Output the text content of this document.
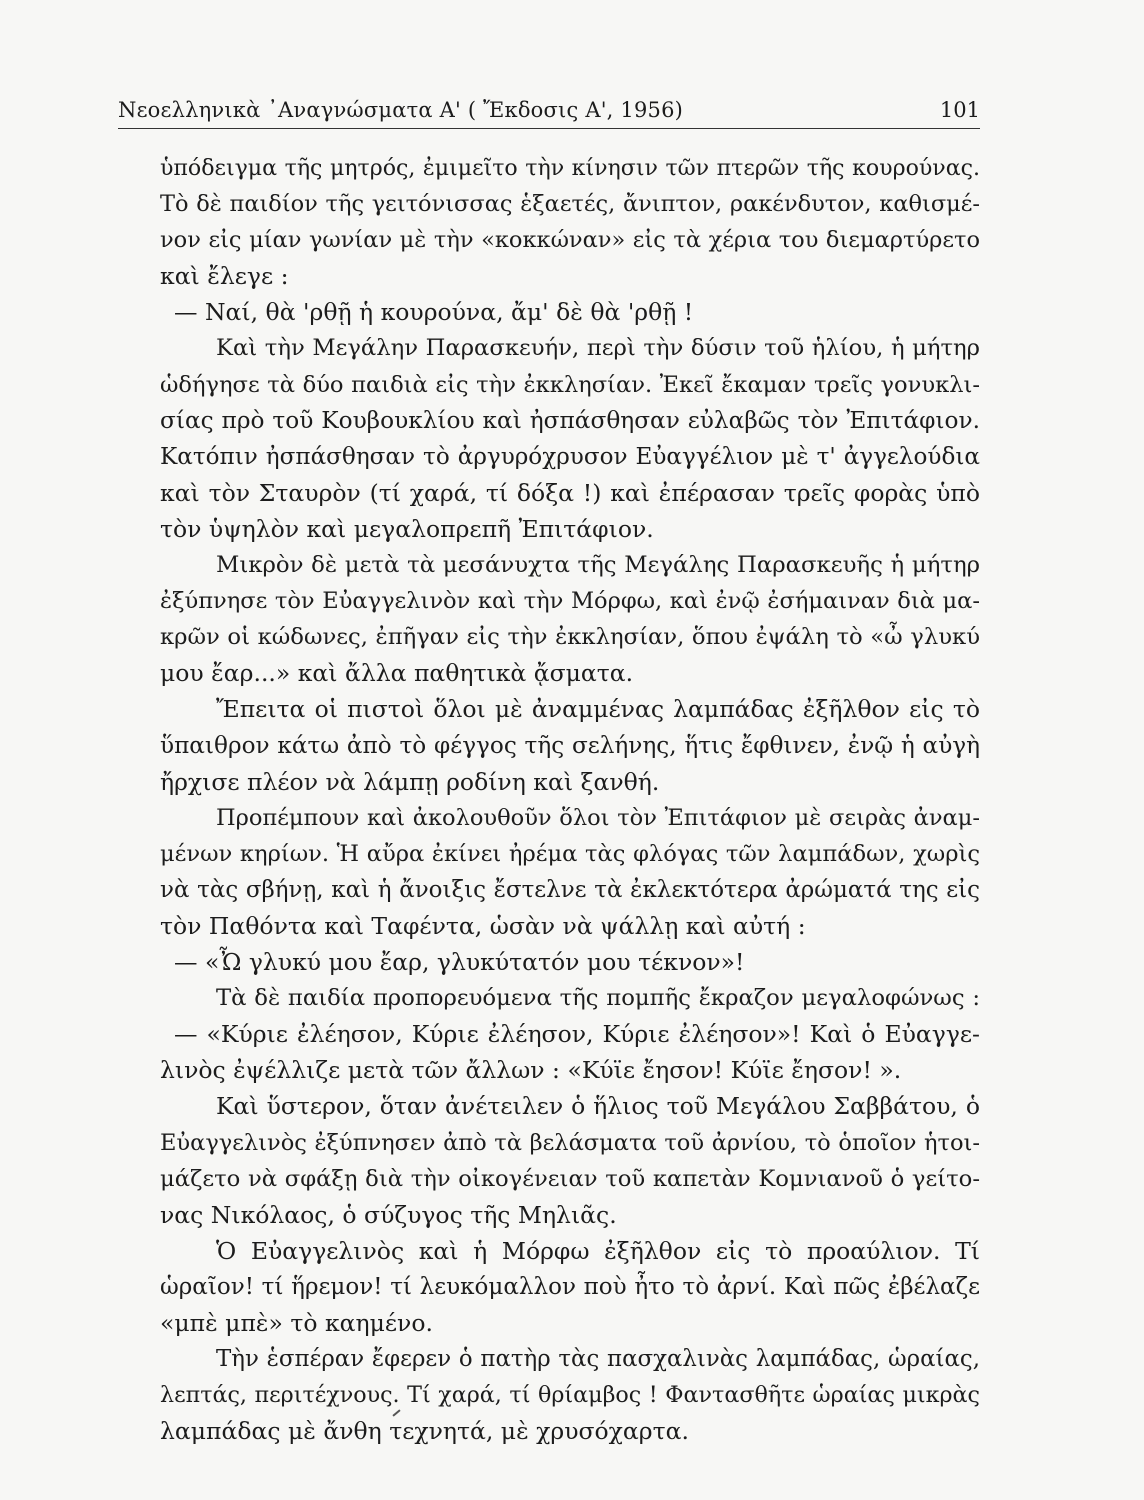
Νεοελληνικὰ ᾿Αναγνώσματα Α' ( Ἔκδοσις Α', 1956)	101
ὑπόδειγμα τῆς μητρός, ἐμιμεῖτο τὴν κίνησιν τῶν πτερῶν τῆς κουρούνας.
Τὸ δὲ παιδίον τῆς γειτόνισσας ἑξαετές, ἄνιπτον, ρακένδυτον, καθισμέ-
νον εἰς μίαν γωνίαν μὲ τὴν «κοκκώναν» εἰς τὰ χέρια του διεμαρτύρετο
καὶ ἔλεγε :
— Ναί, θὰ 'ρθῇ ἡ κουρούνα, ἄμ' δὲ θὰ 'ρθῇ !
Καὶ τὴν Μεγάλην Παρασκευήν, περὶ τὴν δύσιν τοῦ ἡλίου, ἡ μήτηρ
ὡδήγησε τὰ δύο παιδιὰ εἰς τὴν ἐκκλησίαν. Ἐκεῖ ἔκαμαν τρεῖς γονυκλι-
σίας πρὸ τοῦ Κουβουκλίου καὶ ἠσπάσθησαν εὐλαβῶς τὸν Ἐπιτάφιον.
Κατόπιν ἠσπάσθησαν τὸ ἀργυρόχρυσον Εὐαγγέλιον μὲ τ' ἀγγελούδια
καὶ τὸν Σταυρὸν (τί χαρά, τί δόξα !) καὶ ἐπέρασαν τρεῖς φορὰς ὑπὸ
τὸν ὑψηλὸν καὶ μεγαλοπρεπῆ Ἐπιτάφιον.
Μικρὸν δὲ μετὰ τὰ μεσάνυχτα τῆς Μεγάλης Παρασκευῆς ἡ μήτηρ
ἐξύπνησε τὸν Εὐαγγελινὸν καὶ τὴν Μόρφω, καὶ ἐνῷ ἐσήμαιναν διὰ μα-
κρῶν οἱ κώδωνες, ἐπῆγαν εἰς τὴν ἐκκλησίαν, ὅπου ἐψάλη τὸ «ὦ γλυκύ
μου ἔαρ...» καὶ ἄλλα παθητικὰ ᾄσματα.
Ἔπειτα οἱ πιστοὶ ὅλοι μὲ ἀναμμένας λαμπάδας ἐξῆλθον εἰς τὸ
ὕπαιθρον κάτω ἀπὸ τὸ φέγγος τῆς σελήνης, ἥτις ἔφθινεν, ἐνῷ ἡ αὐγὴ
ἤρχισε πλέον νὰ λάμπῃ ροδίνη καὶ ξανθή.
Προπέμπουν καὶ ἀκολουθοῦν ὅλοι τὸν Ἐπιτάφιον μὲ σειρὰς ἀναμ-
μένων κηρίων. Ἡ αὔρα ἐκίνει ἠρέμα τὰς φλόγας τῶν λαμπάδων, χωρὶς
νὰ τὰς σβήνῃ, καὶ ἡ ἄνοιξις ἔστελνε τὰ ἐκλεκτότερα ἀρώματά της εἰς
τὸν Παθόντα καὶ Ταφέντα, ὡσὰν νὰ ψάλλῃ καὶ αὐτή :
— «Ὦ γλυκύ μου ἔαρ, γλυκύτατόν μου τέκνον»!
Τὰ δὲ παιδία προπορευόμενα τῆς πομπῆς ἔκραζον μεγαλοφώνως :
— «Κύριε ἐλέησον, Κύριε ἐλέησον, Κύριε ἐλέησον»! Καὶ ὁ Εὐαγγε-
λινὸς ἐψέλλιζε μετὰ τῶν ἄλλων : «Κύϊε ἔησον! Κύϊε ἔησον! ».
Καὶ ὕστερον, ὅταν ἀνέτειλεν ὁ ἥλιος τοῦ Μεγάλου Σαββάτου, ὁ
Εὐαγγελινὸς ἐξύπνησεν ἀπὸ τὰ βελάσματα τοῦ ἀρνίου, τὸ ὁποῖον ἡτοι-
μάζετο νὰ σφάξῃ διὰ τὴν οἰκογένειαν τοῦ καπετὰν Κομνιανοῦ ὁ γείτο-
νας Νικόλαος, ὁ σύζυγος τῆς Μηλιᾶς.
Ὁ Εὐαγγελινὸς καὶ ἡ Μόρφω ἐξῆλθον εἰς τὸ προαύλιον. Τί
ὡραῖον! τί ἥρεμον! τί λευκόμαλλον ποὺ ἦτο τὸ ἀρνί. Καὶ πῶς ἐβέλαζε
«μπὲ μπὲ» τὸ καημένο.
Τὴν ἑσπέραν ἔφερεν ὁ πατὴρ τὰς πασχαλινὰς λαμπάδας, ὡραίας,
λεπτάς, περιτέχνους. Τί χαρά, τί θρίαμβος ! Φαντασθῆτε ὡραίας μικρὰς
λαμπάδας μὲ ἄνθη τεχνητά, μὲ χρυσόχαρτα.
